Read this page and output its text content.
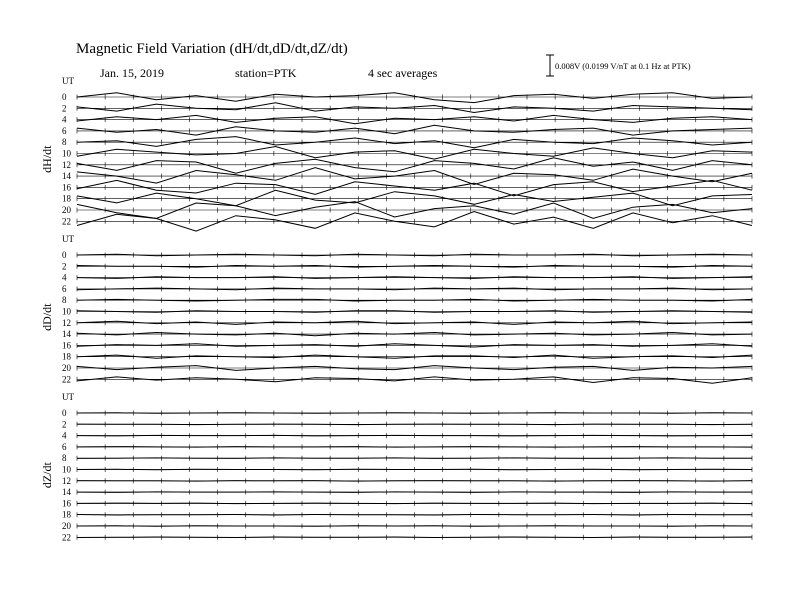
Magnetic Field Variation (dH/dt,dD/dt,dZ/dt)
Jan. 15, 2019	station=PTK	4 sec averages	0.008V (0.0199 V/nT at 0.1 Hz at PTK)
UT
dH/dt
0
2
4
6
8
10
12
14
16
18
20
22
UT
dD/dt
0
2
4
6
8
10
12
14
16
18
20
22
UT
dZ/dt
0
2
4
6
8
10
12
14
16
18
20
22
